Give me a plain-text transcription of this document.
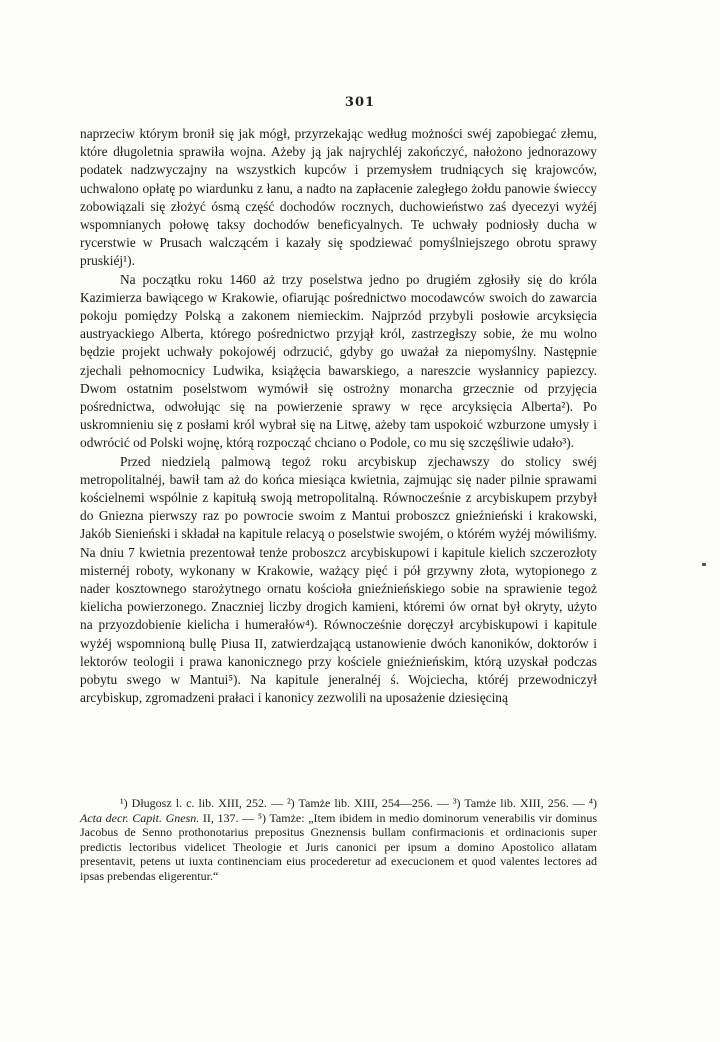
301

naprzeciw którym bronił się jak mógł, przyrzekając według możności swéj zapobiegać złemu, które długoletnia sprawiła wojna. Ażeby ją jak najrychléj zakończyć, nałożono jednorazowy podatek nadzwyczajny na wszystkich kupców i przemysłem trudniących się krajowców, uchwalono opłatę po wiardunku z łanu, a nadto na zapłacenie zaległego żołdu panowie świeccy zobowiązali się złożyć ósmą część dochodów rocznych, duchowieństwo zaś dyecezyi wyżéj wspomnianych połowę taksy dochodów beneficyalnych. Te uchwały podniosły ducha w rycerstwie w Prusach walczącém i kazały się spodziewać pomyślniejszego obrotu sprawy pruskiéj¹).

Na początku roku 1460 aż trzy poselstwa jedno po drugiém zgłosiły się do króla Kazimierza bawiącego w Krakowie, ofiarując pośrednictwo mocodawców swoich do zawarcia pokoju pomiędzy Polską a zakonem niemieckim. Najprzód przybyli posłowie arcyksięcia austryackiego Alberta, którego pośrednictwo przyjął król, zastrzegłszy sobie, że mu wolno będzie projekt uchwały pokojowéj odrzucić, gdyby go uważał za niepomyślny. Następnie zjechali pełnomocnicy Ludwika, książęcia bawarskiego, a nareszcie wysłannicy papiezcy. Dwom ostatnim poselstwom wymówił się ostrożny monarcha grzecznie od przyjęcia pośrednictwa, odwołując się na powierzenie sprawy w ręce arcyksięcia Alberta²). Po uskromnieniu się z posłami król wybrał się na Litwę, ażeby tam uspokoić wzburzone umysły i odwrócić od Polski wojnę, którą rozpocząć chciano o Podole, co mu się szczęśliwie udało³).

Przed niedzielą palmową tegoż roku arcybiskup zjechawszy do stolicy swéj metropolitalnéj, bawił tam aż do końca miesiąca kwietnia, zajmując się nader pilnie sprawami kościelnemi wspólnie z kapitułą swoją metropolitalną. Równocześnie z arcybiskupem przybył do Gniezna pierwszy raz po powrocie swoim z Mantui proboszcz gnieźnieński i krakowski, Jakób Sienieński i składał na kapitule relacyą o poselstwie swojém, o którém wyżéj mówiliśmy. Na dniu 7 kwietnia prezentował tenże proboszcz arcybiskupowi i kapitule kielich szczerozłoty misternéj roboty, wykonany w Krakowie, ważący pięć i pół grzywny złota, wytopionego z nader kosztownego starożytnego ornatu kościoła gnieźnieńskiego sobie na sprawienie tegoż kielicha powierzonego. Znaczniej liczby drogich kamieni, któremi ów ornat był okryty, użyto na przyozdobienie kielicha i humerałów⁴). Równocześnie doręczył arcybiskupowi i kapitule wyżéj wspomnioną bullę Piusa II, zatwierdzającą ustanowienie dwóch kanoników, doktorów i lektorów teologii i prawa kanonicznego przy kościele gnieźnieńskim, którą uzyskał podczas pobytu swego w Mantui⁵). Na kapitule jeneralnéj ś. Wojciecha, któréj przewodniczył arcybiskup, zgromadzeni prałaci i kanonicy zezwolili na uposażenie dziesięciną

¹) Długosz l. c. lib. XIII, 252. — ²) Tamże lib. XIII, 254—256. — ³) Tamże lib. XIII, 256. — ⁴) Acta decr. Capit. Gnesn. II, 137. — ⁵) Tamże: „Item ibidem in medio dominorum venerabilis vir dominus Jacobus de Senno prothonotarius prepositus Gneznensis bullam confirmacionis et ordinacionis super predictis lectoribus videlicet Theologie et Juris canonici per ipsum a domino Apostolico allatam presentavit, petens ut iuxta continenciam eius procederetur ad execucionem et quod valentes lectores ad ipsas prebendas eligerentur.“
